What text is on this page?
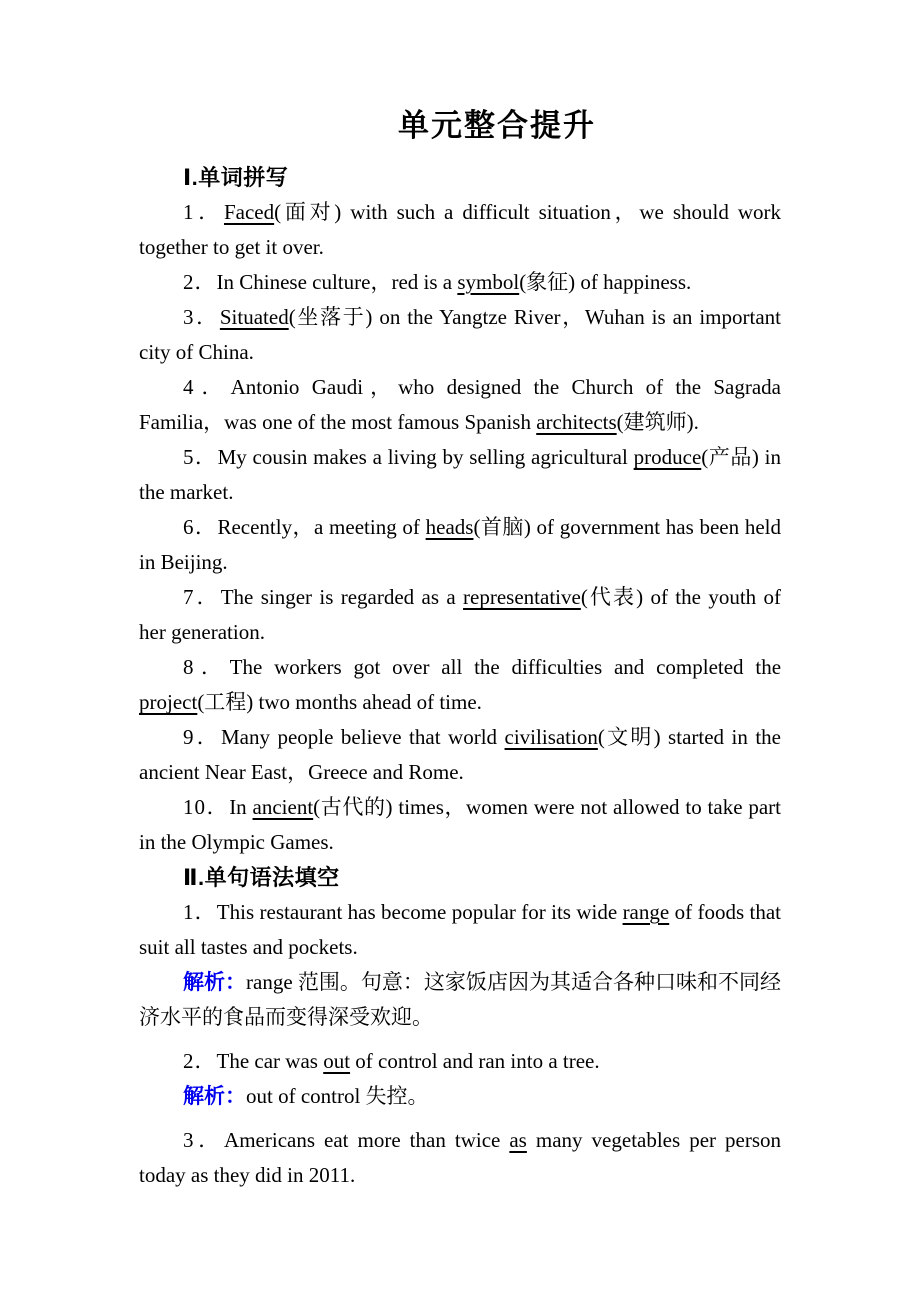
单元整合提升
Ⅰ.单词拼写

1．Faced(面对) with such a difficult situation，we should work together to get it over.

2．In Chinese culture，red is a symbol(象征) of happiness.

3．Situated(坐落于) on the Yangtze River，Wuhan is an important city of China.

4．Antonio Gaudi，who designed the Church of the Sagrada Familia，was one of the most famous Spanish architects(建筑师).

5．My cousin makes a living by selling agricultural produce(产品) in the market.

6．Recently，a meeting of heads(首脑) of government has been held in Beijing.

7．The singer is regarded as a representative(代表) of the youth of her generation.

8．The workers got over all the difficulties and completed the project(工程) two months ahead of time.

9．Many people believe that world civilisation(文明) started in the ancient Near East，Greece and Rome.

10．In ancient(古代的) times，women were not allowed to take part in the Olympic Games.

Ⅱ.单句语法填空

1．This restaurant has become popular for its wide range of foods that suit all tastes and pockets.

解析：range 范围。句意：这家饭店因为其适合各种口味和不同经济水平的食品而变得深受欢迎。

2．The car was out of control and ran into a tree.

解析：out of control 失控。

3．Americans eat more than twice as many vegetables per person today as they did in 2011.
